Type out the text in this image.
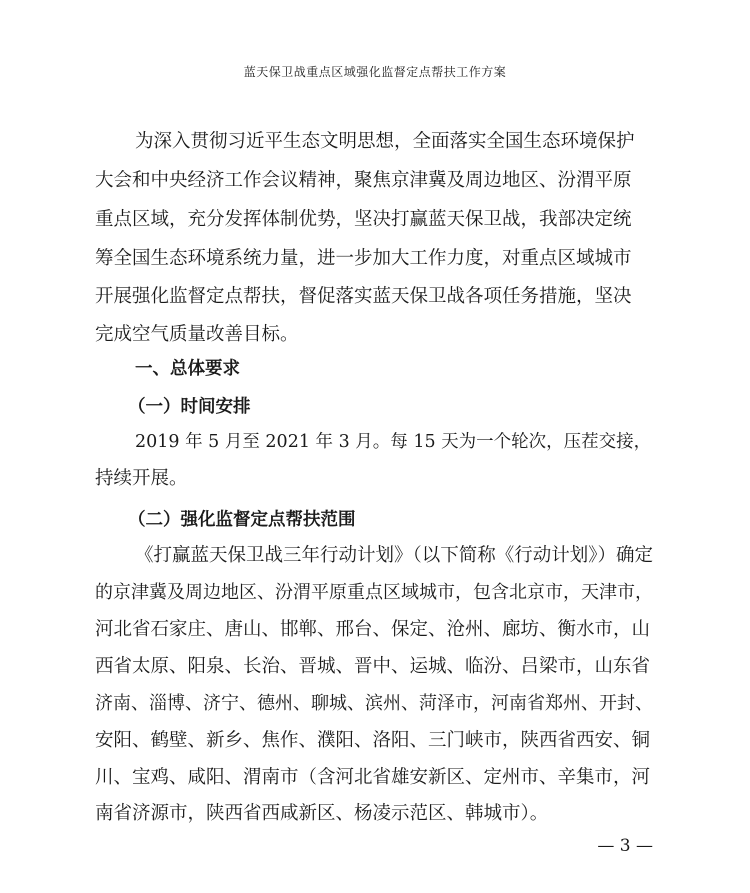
蓝天保卫战重点区域强化监督定点帮扶工作方案
为深入贯彻习近平生态文明思想，全面落实全国生态环境保护
大会和中央经济工作会议精神，聚焦京津冀及周边地区、汾渭平原
重点区域，充分发挥体制优势，坚决打赢蓝天保卫战，我部决定统
筹全国生态环境系统力量，进一步加大工作力度，对重点区域城市
开展强化监督定点帮扶，督促落实蓝天保卫战各项任务措施，坚决
完成空气质量改善目标。
一、总体要求
（一）时间安排
2019 年 5 月至 2021 年 3 月。每 15 天为一个轮次，压茬交接，
持续开展。
（二）强化监督定点帮扶范围
《打赢蓝天保卫战三年行动计划》（以下简称《行动计划》）确定
的京津冀及周边地区、汾渭平原重点区域城市，包含北京市，天津市，
河北省石家庄、唐山、邯郸、邢台、保定、沧州、廊坊、衡水市，山
西省太原、阳泉、长治、晋城、晋中、运城、临汾、吕梁市，山东省
济南、淄博、济宁、德州、聊城、滨州、菏泽市，河南省郑州、开封、
安阳、鹤壁、新乡、焦作、濮阳、洛阳、三门峡市，陕西省西安、铜
川、宝鸡、咸阳、渭南市（含河北省雄安新区、定州市、辛集市，河
南省济源市，陕西省西咸新区、杨凌示范区、韩城市）。
— 3 —
